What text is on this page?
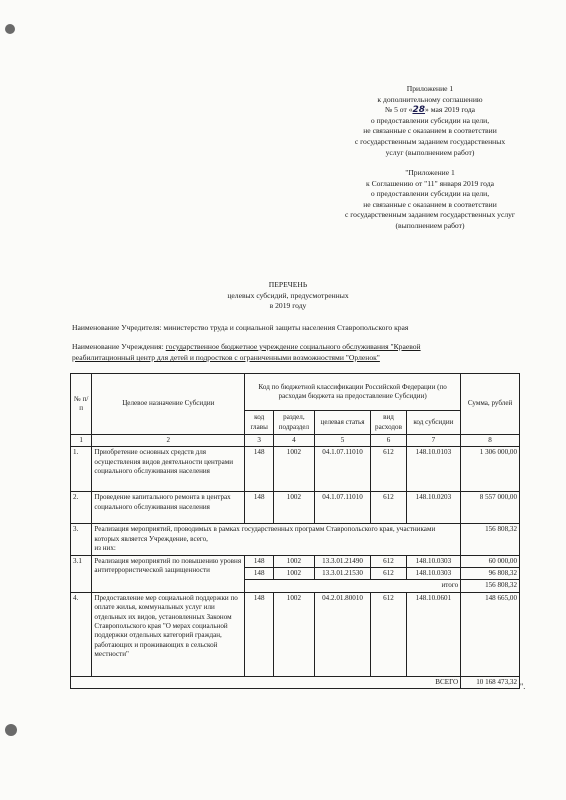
Приложение 1
к дополнительному соглашению
№ 5 от «28» мая 2019 года
о предоставлении субсидии на цели,
не связанные с оказанием в соответствии
с государственным заданием государственных
услуг (выполнением работ)
"Приложение 1
к Соглашению от "11" января 2019 года
о предоставлении субсидии на цели,
не связанные с оказанием в соответствии
с государственным заданием государственных услуг
(выполнением работ)
ПЕРЕЧЕНЬ
целевых субсидий, предусмотренных
в 2019 году
Наименование Учредителя: министерство труда и социальной защиты населения Ставропольского края
Наименование Учреждения: государственное бюджетное учреждение социального обслуживания "Краевой
реабилитационный центр для детей и подростков с ограниченными возможностями "Орленок"
№ п/п	Целевое назначение Субсидии	Код по бюджетной классификации Российской Федерации (по расходам бюджета на предоставление Субсидии)					Сумма, рублей
		код главы	раздел, подраздел	целевая статья	вид расходов	код субсидии	
1	2	3	4	5	6	7	8
1.	Приобретение основных средств для осуществления видов деятельности центрами социального обслуживания населения	148	1002	04.1.07.11010	612	148.10.0103	1 306 000,00
2.	Проведение капитального ремонта в центрах социального обслуживания населения	148	1002	04.1.07.11010	612	148.10.0203	8 557 000,00
3.	Реализация мероприятий, проводимых в рамках государственных программ Ставропольского края, участниками которых является Учреждение, всего,
из них:						156 808,32
3.1	Реализация мероприятий по повышению уровня антитеррористической защищенности	148	1002	13.3.01.21490	612	148.10.0303	60 000,00
		148	1002	13.3.01.21530	612	148.10.0303	96 808,32
		итого					156 808,32
4.	Предоставление мер социальной поддержки по оплате жилья, коммунальных услуг или отдельных их видов, установленных Законом Ставропольского края "О мерах социальной поддержки отдельных категорий граждан, работающих и проживающих в сельской местности"	148	1002	04.2.01.80010	612	148.10.0601	148 665,00
ВСЕГО							10 168 473,32
".
